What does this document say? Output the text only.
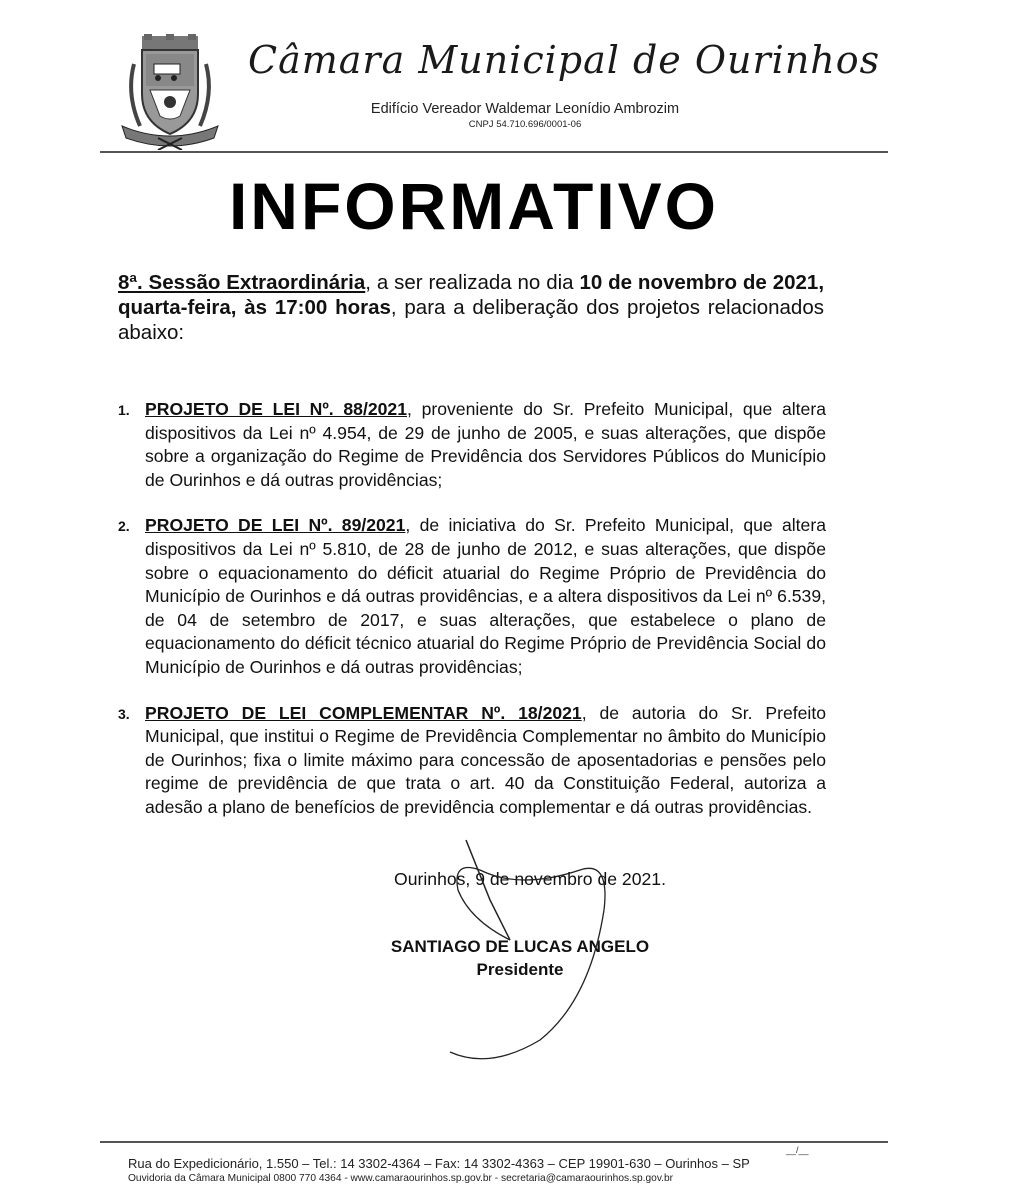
Câmara Municipal de Ourinhos
Edifício Vereador Waldemar Leonídio Ambrozim
CNPJ 54.710.696/0001-06
INFORMATIVO
8ª. Sessão Extraordinária, a ser realizada no dia 10 de novembro de 2021, quarta-feira, às 17:00 horas, para a deliberação dos projetos relacionados abaixo:
1. PROJETO DE LEI Nº. 88/2021, proveniente do Sr. Prefeito Municipal, que altera dispositivos da Lei nº 4.954, de 29 de junho de 2005, e suas alterações, que dispõe sobre a organização do Regime de Previdência dos Servidores Públicos do Município de Ourinhos e dá outras providências;
2. PROJETO DE LEI Nº. 89/2021, de iniciativa do Sr. Prefeito Municipal, que altera dispositivos da Lei nº 5.810, de 28 de junho de 2012, e suas alterações, que dispõe sobre o equacionamento do déficit atuarial do Regime Próprio de Previdência do Município de Ourinhos e dá outras providências, e a altera dispositivos da Lei nº 6.539, de 04 de setembro de 2017, e suas alterações, que estabelece o plano de equacionamento do déficit técnico atuarial do Regime Próprio de Previdência Social do Município de Ourinhos e dá outras providências;
3. PROJETO DE LEI COMPLEMENTAR Nº. 18/2021, de autoria do Sr. Prefeito Municipal, que institui o Regime de Previdência Complementar no âmbito do Município de Ourinhos; fixa o limite máximo para concessão de aposentadorias e pensões pelo regime de previdência de que trata o art. 40 da Constituição Federal, autoriza a adesão a plano de benefícios de previdência complementar e dá outras providências.
Ourinhos, 9 de novembro de 2021.
SANTIAGO DE LUCAS ANGELO
Presidente
__/__
Rua do Expedicionário, 1.550 – Tel.: 14 3302-4364 – Fax: 14 3302-4363 – CEP 19901-630 – Ourinhos – SP
Ouvidoria da Câmara Municipal 0800 770 4364 - www.camaraourinhos.sp.gov.br - secretaria@camaraourinhos.sp.gov.br
